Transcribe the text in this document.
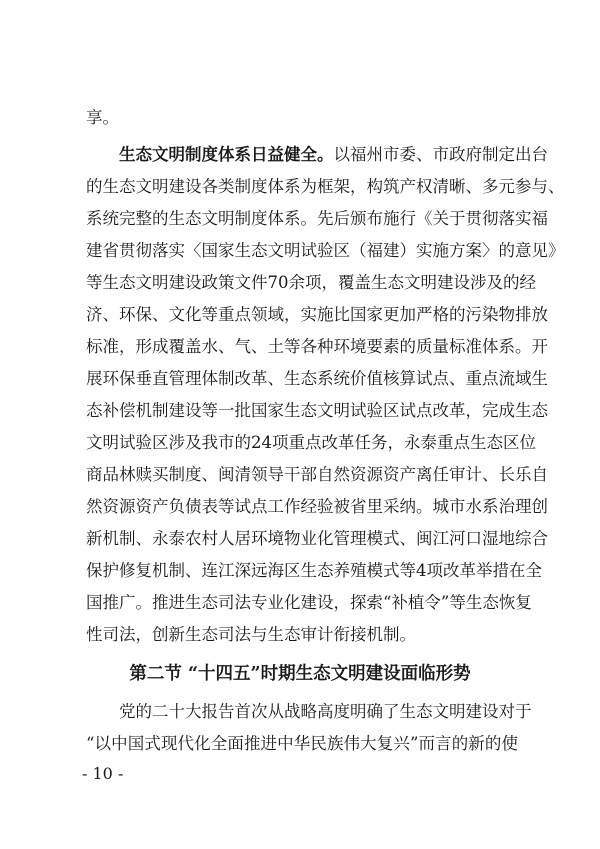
享。
生态文明制度体系日益健全。以福州市委、市政府制定出台
的生态文明建设各类制度体系为框架，构筑产权清晰、多元参与、
系统完整的生态文明制度体系。先后颁布施行《关于贯彻落实福
建省贯彻落实〈国家生态文明试验区（福建）实施方案〉的意见》
等生态文明建设政策文件70余项，覆盖生态文明建设涉及的经
济、环保、文化等重点领域，实施比国家更加严格的污染物排放
标准，形成覆盖水、气、土等各种环境要素的质量标准体系。开
展环保垂直管理体制改革、生态系统价值核算试点、重点流域生
态补偿机制建设等一批国家生态文明试验区试点改革，完成生态
文明试验区涉及我市的24项重点改革任务，永泰重点生态区位
商品林赎买制度、闽清领导干部自然资源资产离任审计、长乐自
然资源资产负债表等试点工作经验被省里采纳。城市水系治理创
新机制、永泰农村人居环境物业化管理模式、闽江河口湿地综合
保护修复机制、连江深远海区生态养殖模式等4项改革举措在全
国推广。推进生态司法专业化建设，探索“补植令”等生态恢复
性司法，创新生态司法与生态审计衔接机制。
第二节 “十四五”时期生态文明建设面临形势
党的二十大报告首次从战略高度明确了生态文明建设对于
“以中国式现代化全面推进中华民族伟大复兴”而言的新的使
- 10 -
